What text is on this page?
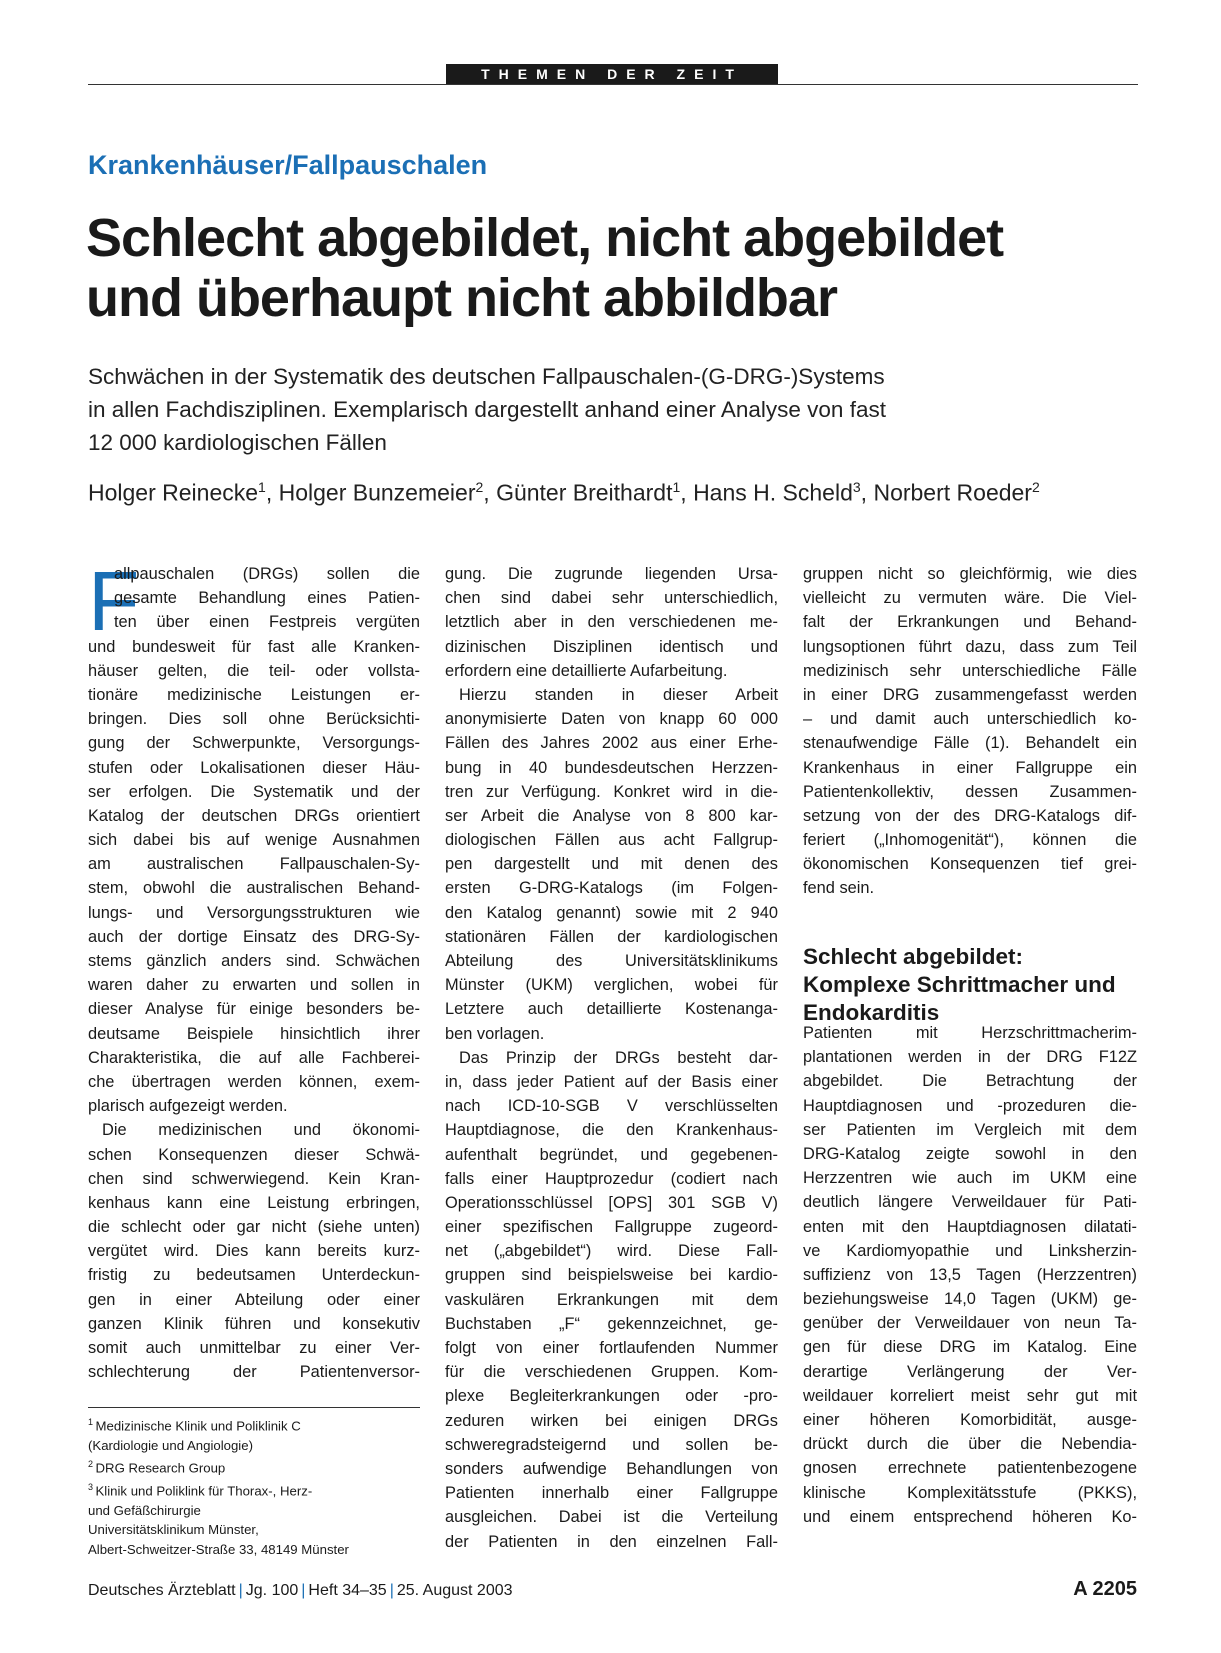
THEMEN DER ZEIT
Krankenhäuser/Fallpauschalen
Schlecht abgebildet, nicht abgebildet
und überhaupt nicht abbildbar
Schwächen in der Systematik des deutschen Fallpauschalen-(G-DRG-)Systems
in allen Fachdisziplinen. Exemplarisch dargestellt anhand einer Analyse von fast
12 000 kardiologischen Fällen
Holger Reinecke$^1$, Holger Bunzemeier$^2$, Günter Breithardt$^1$, Hans H. Scheld$^3$, Norbert Roeder$^2$
F
allpauschalen (DRGs) sollen die
gesamte Behandlung eines Patien-
ten über einen Festpreis vergüten
und bundesweit für fast alle Kranken-
häuser gelten, die teil- oder vollsta-
tionäre medizinische Leistungen er-
bringen. Dies soll ohne Berücksichti-
gung der Schwerpunkte, Versorgungs-
stufen oder Lokalisationen dieser Häu-
ser erfolgen. Die Systematik und der
Katalog der deutschen DRGs orientiert
sich dabei bis auf wenige Ausnahmen
am australischen Fallpauschalen-Sy-
stem, obwohl die australischen Behand-
lungs- und Versorgungsstrukturen wie
auch der dortige Einsatz des DRG-Sy-
stems gänzlich anders sind. Schwächen
waren daher zu erwarten und sollen in
dieser Analyse für einige besonders be-
deutsame Beispiele hinsichtlich ihrer
Charakteristika, die auf alle Fachberei-
che übertragen werden können, exem-
plarisch aufgezeigt werden.
Die medizinischen und ökonomi-
schen Konsequenzen dieser Schwä-
chen sind schwerwiegend. Kein Kran-
kenhaus kann eine Leistung erbringen,
die schlecht oder gar nicht (siehe unten)
vergütet wird. Dies kann bereits kurz-
fristig zu bedeutsamen Unterdeckun-
gen in einer Abteilung oder einer
ganzen Klinik führen und konsekutiv
somit auch unmittelbar zu einer Ver-
schlechterung der Patientenversor-
gung. Die zugrunde liegenden Ursa-
chen sind dabei sehr unterschiedlich,
letztlich aber in den verschiedenen me-
dizinischen Disziplinen identisch und
erfordern eine detaillierte Aufarbeitung.
Hierzu standen in dieser Arbeit
anonymisierte Daten von knapp 60 000
Fällen des Jahres 2002 aus einer Erhe-
bung in 40 bundesdeutschen Herzzen-
tren zur Verfügung. Konkret wird in die-
ser Arbeit die Analyse von 8 800 kar-
diologischen Fällen aus acht Fallgrup-
pen dargestellt und mit denen des
ersten G-DRG-Katalogs (im Folgen-
den Katalog genannt) sowie mit 2 940
stationären Fällen der kardiologischen
Abteilung des Universitätsklinikums
Münster (UKM) verglichen, wobei für
Letztere auch detaillierte Kostenanga-
ben vorlagen.
Das Prinzip der DRGs besteht dar-
in, dass jeder Patient auf der Basis einer
nach ICD-10-SGB V verschlüsselten
Hauptdiagnose, die den Krankenhaus-
aufenthalt begründet, und gegebenen-
falls einer Hauptprozedur (codiert nach
Operationsschlüssel [OPS] 301 SGB V)
einer spezifischen Fallgruppe zugeord-
net („abgebildet“) wird. Diese Fall-
gruppen sind beispielsweise bei kardio-
vaskulären Erkrankungen mit dem
Buchstaben „F“ gekennzeichnet, ge-
folgt von einer fortlaufenden Nummer
für die verschiedenen Gruppen. Kom-
plexe Begleiterkrankungen oder -pro-
zeduren wirken bei einigen DRGs
schweregradsteigernd und sollen be-
sonders aufwendige Behandlungen von
Patienten innerhalb einer Fallgruppe
ausgleichen. Dabei ist die Verteilung
der Patienten in den einzelnen Fall-
gruppen nicht so gleichförmig, wie dies
vielleicht zu vermuten wäre. Die Viel-
falt der Erkrankungen und Behand-
lungsoptionen führt dazu, dass zum Teil
medizinisch sehr unterschiedliche Fälle
in einer DRG zusammengefasst werden
– und damit auch unterschiedlich ko-
stenaufwendige Fälle (1). Behandelt ein
Krankenhaus in einer Fallgruppe ein
Patientenkollektiv, dessen Zusammen-
setzung von der des DRG-Katalogs dif-
feriert („Inhomogenität“), können die
ökonomischen Konsequenzen tief grei-
fend sein.
Schlecht abgebildet:
Komplexe Schrittmacher und
Endokarditis
Patienten mit Herzschrittmacherim-
plantationen werden in der DRG F12Z
abgebildet. Die Betrachtung der
Hauptdiagnosen und -prozeduren die-
ser Patienten im Vergleich mit dem
DRG-Katalog zeigte sowohl in den
Herzzentren wie auch im UKM eine
deutlich längere Verweildauer für Pati-
enten mit den Hauptdiagnosen dilatati-
ve Kardiomyopathie und Linksherzin-
suffizienz von 13,5 Tagen (Herzzentren)
beziehungsweise 14,0 Tagen (UKM) ge-
genüber der Verweildauer von neun Ta-
gen für diese DRG im Katalog. Eine
derartige Verlängerung der Ver-
weildauer korreliert meist sehr gut mit
einer höheren Komorbidität, ausge-
drückt durch die über die Nebendia-
gnosen errechnete patientenbezogene
klinische Komplexitätsstufe (PKKS),
und einem entsprechend höheren Ko-
$^1$ Medizinische Klinik und Poliklinik C
(Kardiologie und Angiologie)
$^2$ DRG Research Group
$^3$ Klinik und Poliklink für Thorax-, Herz-
und Gefäßchirurgie
Universitätsklinikum Münster,
Albert-Schweitzer-Straße 33, 48149 Münster
Deutsches Ärzteblatt | Jg. 100 | Heft 34–35 | 25. August 2003	A 2205
